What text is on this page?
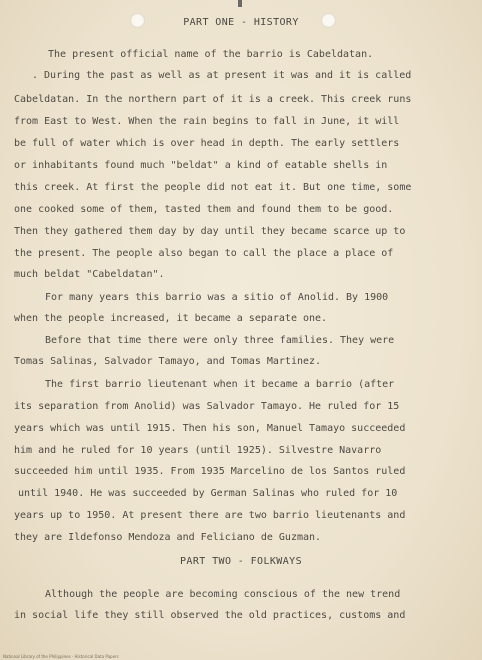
PART ONE - HISTORY
The present official name of the barrio is Cabeldatan.
. During the past as well as at present it was and it is called
Cabeldatan. In the northern part of it is a creek. This creek runs
from East to West. When the rain begins to fall in June, it will
be full of water which is over head in depth. The early settlers
or inhabitants found much "beldat" a kind of eatable shells in
this creek. At first the people did not eat it. But one time, some
one cooked some of them, tasted them and found them to be good.
Then they gathered them day by day until they became scarce up to
the present. The people also began to call the place a place of
much beldat "Cabeldatan".
For many years this barrio was a sitio of Anolid. By 1900
when the people increased, it became a separate one.
Before that time there were only three families. They were
Tomas Salinas, Salvador Tamayo, and Tomas Martinez.
The first barrio lieutenant when it became a barrio (after
its separation from Anolid) was Salvador Tamayo. He ruled for 15
years which was until 1915. Then his son, Manuel Tamayo succeeded
him and he ruled for 10 years (until 1925). Silvestre Navarro
succeeded him until 1935. From 1935 Marcelino de los Santos ruled
until 1940. He was succeeded by German Salinas who ruled for 10
years up to 1950. At present there are two barrio lieutenants and
they are Ildefonso Mendoza and Feliciano de Guzman.
PART TWO - FOLKWAYS
Although the people are becoming conscious of the new trend
in social life they still observed the old practices, customs and
National Library of the Philippines · Historical Data Papers
